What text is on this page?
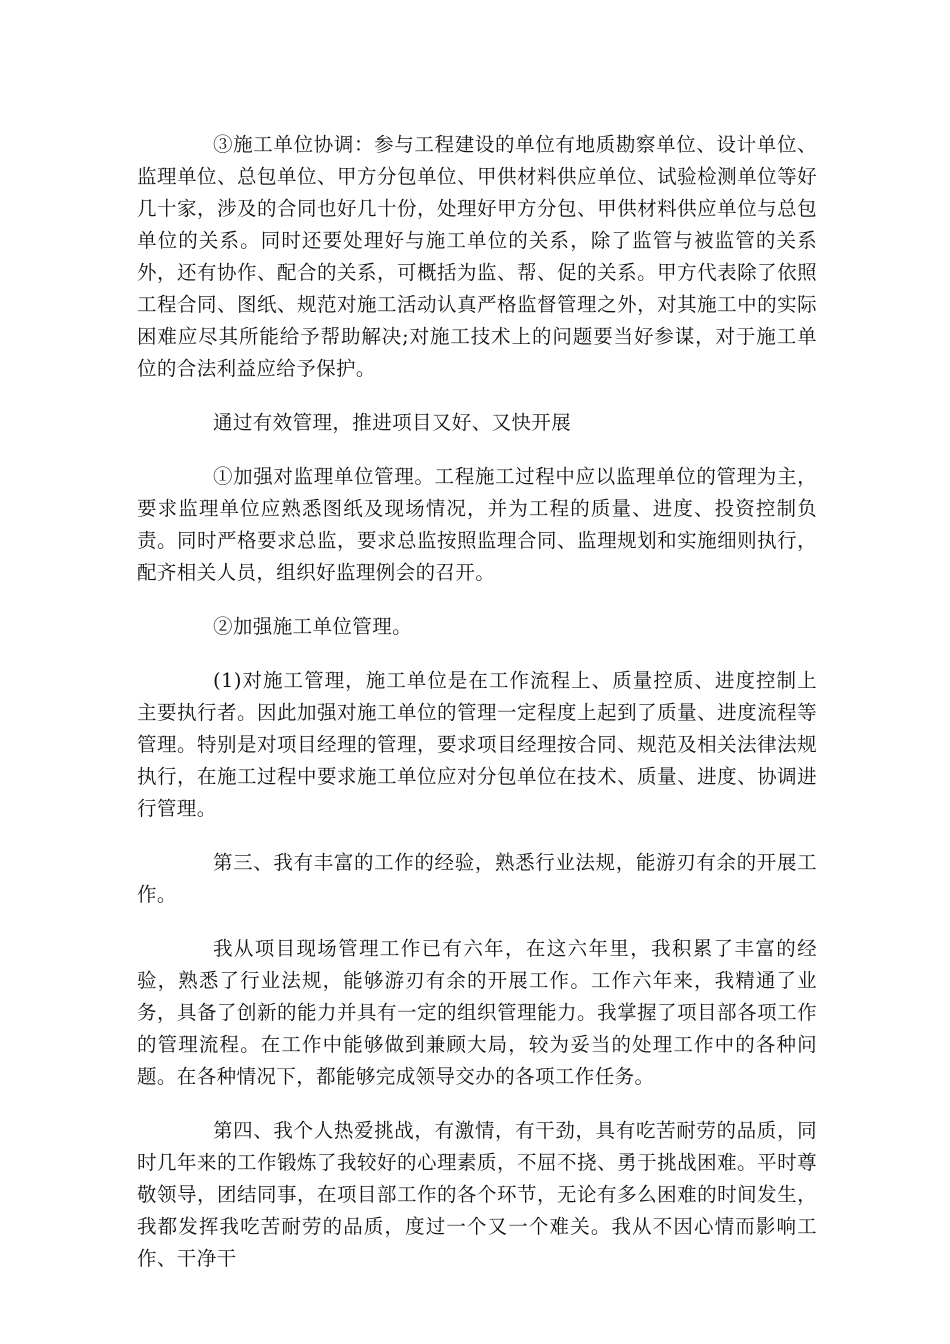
③施工单位协调：参与工程建设的单位有地质勘察单位、设计单位、监理单位、总包单位、甲方分包单位、甲供材料供应单位、试验检测单位等好几十家，涉及的合同也好几十份，处理好甲方分包、甲供材料供应单位与总包单位的关系。同时还要处理好与施工单位的关系，除了监管与被监管的关系外，还有协作、配合的关系，可概括为监、帮、促的关系。甲方代表除了依照工程合同、图纸、规范对施工活动认真严格监督管理之外，对其施工中的实际困难应尽其所能给予帮助解决;对施工技术上的问题要当好参谋，对于施工单位的合法利益应给予保护。

通过有效管理，推进项目又好、又快开展

①加强对监理单位管理。工程施工过程中应以监理单位的管理为主，要求监理单位应熟悉图纸及现场情况，并为工程的质量、进度、投资控制负责。同时严格要求总监，要求总监按照监理合同、监理规划和实施细则执行，配齐相关人员，组织好监理例会的召开。

②加强施工单位管理。

(1)对施工管理，施工单位是在工作流程上、质量控质、进度控制上主要执行者。因此加强对施工单位的管理一定程度上起到了质量、进度流程等管理。特别是对项目经理的管理，要求项目经理按合同、规范及相关法律法规执行，在施工过程中要求施工单位应对分包单位在技术、质量、进度、协调进行管理。

第三、我有丰富的工作的经验，熟悉行业法规，能游刃有余的开展工作。

我从项目现场管理工作已有六年，在这六年里，我积累了丰富的经验，熟悉了行业法规，能够游刃有余的开展工作。工作六年来，我精通了业务，具备了创新的能力并具有一定的组织管理能力。我掌握了项目部各项工作的管理流程。在工作中能够做到兼顾大局，较为妥当的处理工作中的各种问题。在各种情况下，都能够完成领导交办的各项工作任务。

第四、我个人热爱挑战，有激情，有干劲，具有吃苦耐劳的品质，同时几年来的工作锻炼了我较好的心理素质，不屈不挠、勇于挑战困难。平时尊敬领导，团结同事，在项目部工作的各个环节，无论有多么困难的时间发生，我都发挥我吃苦耐劳的品质，度过一个又一个难关。我从不因心情而影响工作、干净干
